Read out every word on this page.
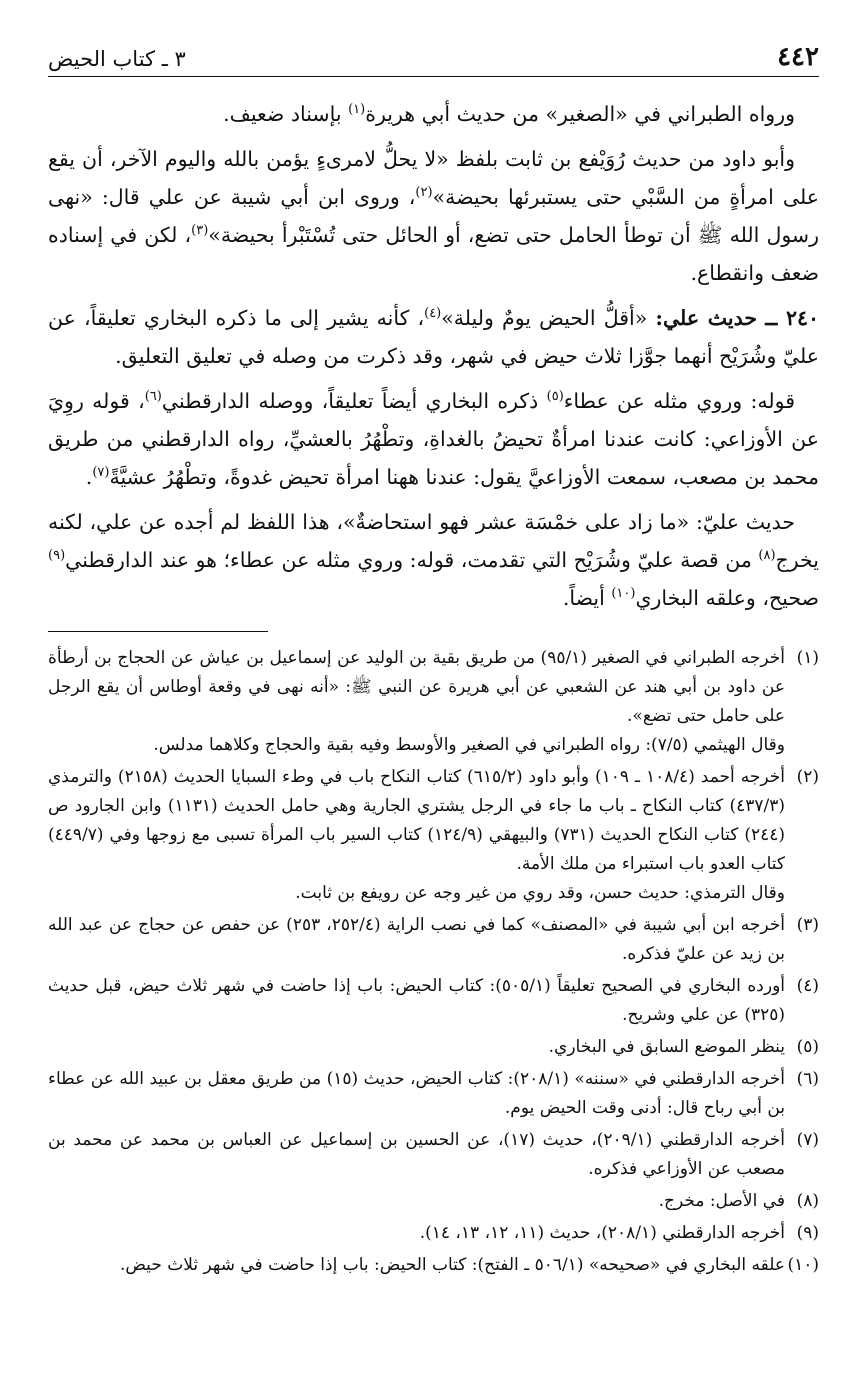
٤٤٢
٣ ـ كتاب الحيض

ورواه الطبراني في «الصغير» من حديث أبي هريرة$^{(١)}$ بإسناد ضعيف.

وأبو داود من حديث رُوَيْفع بن ثابت بلفظ «لا يحلُّ لامرىءٍ يؤمن بالله واليوم الآخر، أن يقع على امرأةٍ من السَّبْي حتى يستبرئها بحيضة»$^{(٢)}$، وروى ابن أبي شيبة عن علي قال: «نهى رسول الله ﷺ أن توطأ الحامل حتى تضع، أو الحائل حتى تُسْتَبْرأ بحيضة»$^{(٣)}$، لكن في إسناده ضعف وانقطاع.

٢٤٠ ــ حديث علي: «أقلُّ الحيض يومٌ وليلة»$^{(٤)}$، كأنه يشير إلى ما ذكره البخاري تعليقاً، عن عليّ وشُرَيْح أنهما جوَّزا ثلاث حيض في شهر، وقد ذكرت من وصله في تعليق التعليق.

قوله: وروي مثله عن عطاء$^{(٥)}$ ذكره البخاري أيضاً تعليقاً، ووصله الدارقطني$^{(٦)}$، قوله روِيَ عن الأوزاعي: كانت عندنا امرأةٌ تحيضُ بالغداةِ، وتطْهُرُ بالعشيِّ، رواه الدارقطني من طريق محمد بن مصعب، سمعت الأوزاعيَّ يقول: عندنا ههنا امرأة تحيض غدوةً، وتطْهُرُ عشيَّةً$^{(٧)}$.

حديث عليّ: «ما زاد على خمْسَة عشر فهو استحاضةٌ»، هذا اللفظ لم أجده عن علي، لكنه يخرج$^{(٨)}$ من قصة عليّ وشُرَيْح التي تقدمت، قوله: وروي مثله عن عطاء؛ هو عند الدارقطني$^{(٩)}$ صحيح، وعلقه البخاري$^{(١٠)}$ أيضاً.

(١)
أخرجه الطبراني في الصغير (٩٥/١) من طريق بقية بن الوليد عن إسماعيل بن عياش عن الحجاج بن أرطأة عن داود بن أبي هند عن الشعبي عن أبي هريرة عن النبي ﷺ: «أنه نهى في وقعة أوطاس أن يقع الرجل على حامل حتى تضع».
وقال الهيثمي (٧/٥): رواه الطبراني في الصغير والأوسط وفيه بقية والحجاج وكلاهما مدلس.
(٢)
أخرجه أحمد (١٠٨/٤ ـ ١٠٩) وأبو داود (٦١٥/٢) كتاب النكاح باب في وطء السبايا الحديث (٢١٥٨) والترمذي (٤٣٧/٣) كتاب النكاح ـ باب ما جاء في الرجل يشتري الجارية وهي حامل الحديث (١١٣١) وابن الجارود ص (٢٤٤) كتاب النكاح الحديث (٧٣١) والبيهقي (١٢٤/٩) كتاب السير باب المرأة تسبى مع زوجها وفي (٤٤٩/٧) كتاب العدو باب استبراء من ملك الأمة.
وقال الترمذي: حديث حسن، وقد روي من غير وجه عن رويفع بن ثابت.
(٣)
أخرجه ابن أبي شيبة في «المصنف» كما في نصب الراية (٢٥٢/٤، ٢٥٣) عن حفص عن حجاج عن عبد الله بن زيد عن عليّ فذكره.
(٤)
أورده البخاري في الصحيح تعليقاً (٥٠٥/١): كتاب الحيض: باب إذا حاضت في شهر ثلاث حيض، قبل حديث (٣٢٥) عن علي وشريح.
(٥)
ينظر الموضع السابق في البخاري.
(٦)
أخرجه الدارقطني في «سننه» (٢٠٨/١): كتاب الحيض، حديث (١٥) من طريق معقل بن عبيد الله عن عطاء بن أبي رباح قال: أدنى وقت الحيض يوم.
(٧)
أخرجه الدارقطني (٢٠٩/١)، حديث (١٧)، عن الحسين بن إسماعيل عن العباس بن محمد عن محمد بن مصعب عن الأوزاعي فذكره.
(٨)
في الأصل: مخرج.
(٩)
أخرجه الدارقطني (٢٠٨/١)، حديث (١١، ١٢، ١٣، ١٤).
(١٠)
علقه البخاري في «صحيحه» (٥٠٦/١ ـ الفتح): كتاب الحيض: باب إذا حاضت في شهر ثلاث حيض.
